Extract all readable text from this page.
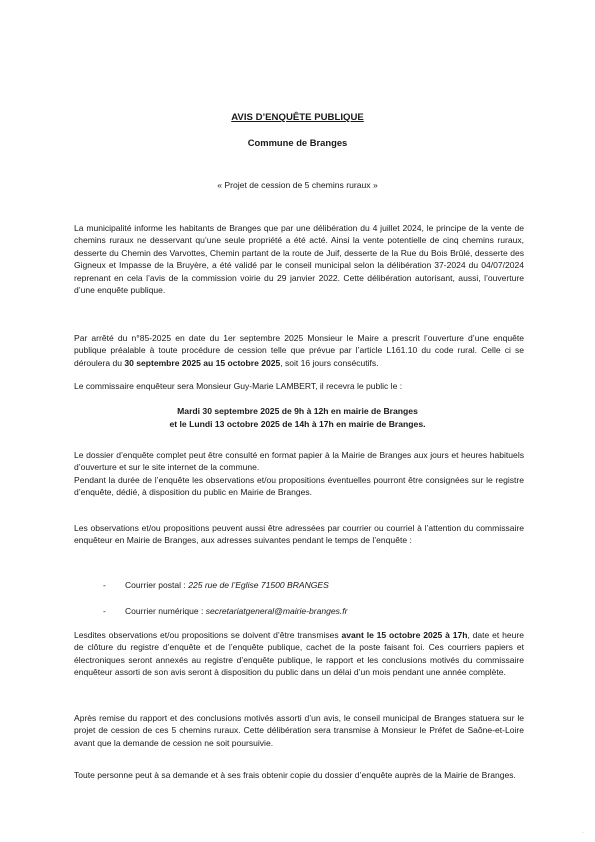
AVIS D’ENQUÊTE PUBLIQUE
Commune de Branges
« Projet de cession de 5 chemins ruraux »
La municipalité informe les habitants de Branges que par une délibération du 4 juillet 2024, le principe de la vente de chemins ruraux ne desservant qu’une seule propriété a été acté. Ainsi la vente potentielle de cinq chemins ruraux, desserte du Chemin des Varvottes, Chemin partant de la route de Juif, desserte de la Rue du Bois Brûlé, desserte des Gigneux et Impasse de la Bruyère, a été validé par le conseil municipal selon la délibération 37-2024 du 04/07/2024 reprenant en cela l’avis de la commission voirie du 29 janvier 2022. Cette délibération autorisant, aussi, l’ouverture d’une enquête publique.
Par arrêté du n°85-2025 en date du 1er septembre 2025 Monsieur le Maire a prescrit l’ouverture d’une enquête publique préalable à toute procédure de cession telle que prévue par l’article L161.10 du code rural. Celle ci se déroulera du 30 septembre 2025 au 15 octobre 2025, soit 16 jours consécutifs.
Le commissaire enquêteur sera Monsieur Guy-Marie LAMBERT, il recevra le public le :
Mardi 30 septembre 2025 de 9h à 12h en mairie de Branges
et le Lundi 13 octobre 2025 de 14h à 17h en mairie de Branges.
Le dossier d’enquête complet peut être consulté en format papier à la Mairie de Branges aux jours et heures habituels d’ouverture et sur le site internet de la commune.
Pendant la durée de l’enquête les observations et/ou propositions éventuelles pourront être consignées sur le registre d’enquête, dédié, à disposition du public en Mairie de Branges.
Les observations et/ou propositions peuvent aussi être adressées par courrier ou courriel à l’attention du commissaire enquêteur en Mairie de Branges, aux adresses suivantes pendant le temps de l’enquête :
- Courrier postal : 225 rue de l’Eglise 71500 BRANGES
- Courrier numérique : secretariatgeneral@mairie-branges.fr
Lesdites observations et/ou propositions se doivent d’être transmises avant le 15 octobre 2025 à 17h, date et heure de clôture du registre d’enquête et de l’enquête publique, cachet de la poste faisant foi. Ces courriers papiers et électroniques seront annexés au registre d’enquête publique, le rapport et les conclusions motivés du commissaire enquêteur assorti de son avis seront à disposition du public dans un délai d’un mois pendant une année complète.
Après remise du rapport et des conclusions motivés assorti d’un avis, le conseil municipal de Branges statuera sur le projet de cession de ces 5 chemins ruraux. Cette délibération sera transmise à Monsieur le Préfet de Saône-et-Loire avant que la demande de cession ne soit poursuivie.
Toute personne peut à sa demande et à ses frais obtenir copie du dossier d’enquête auprès de la Mairie de Branges.
·
